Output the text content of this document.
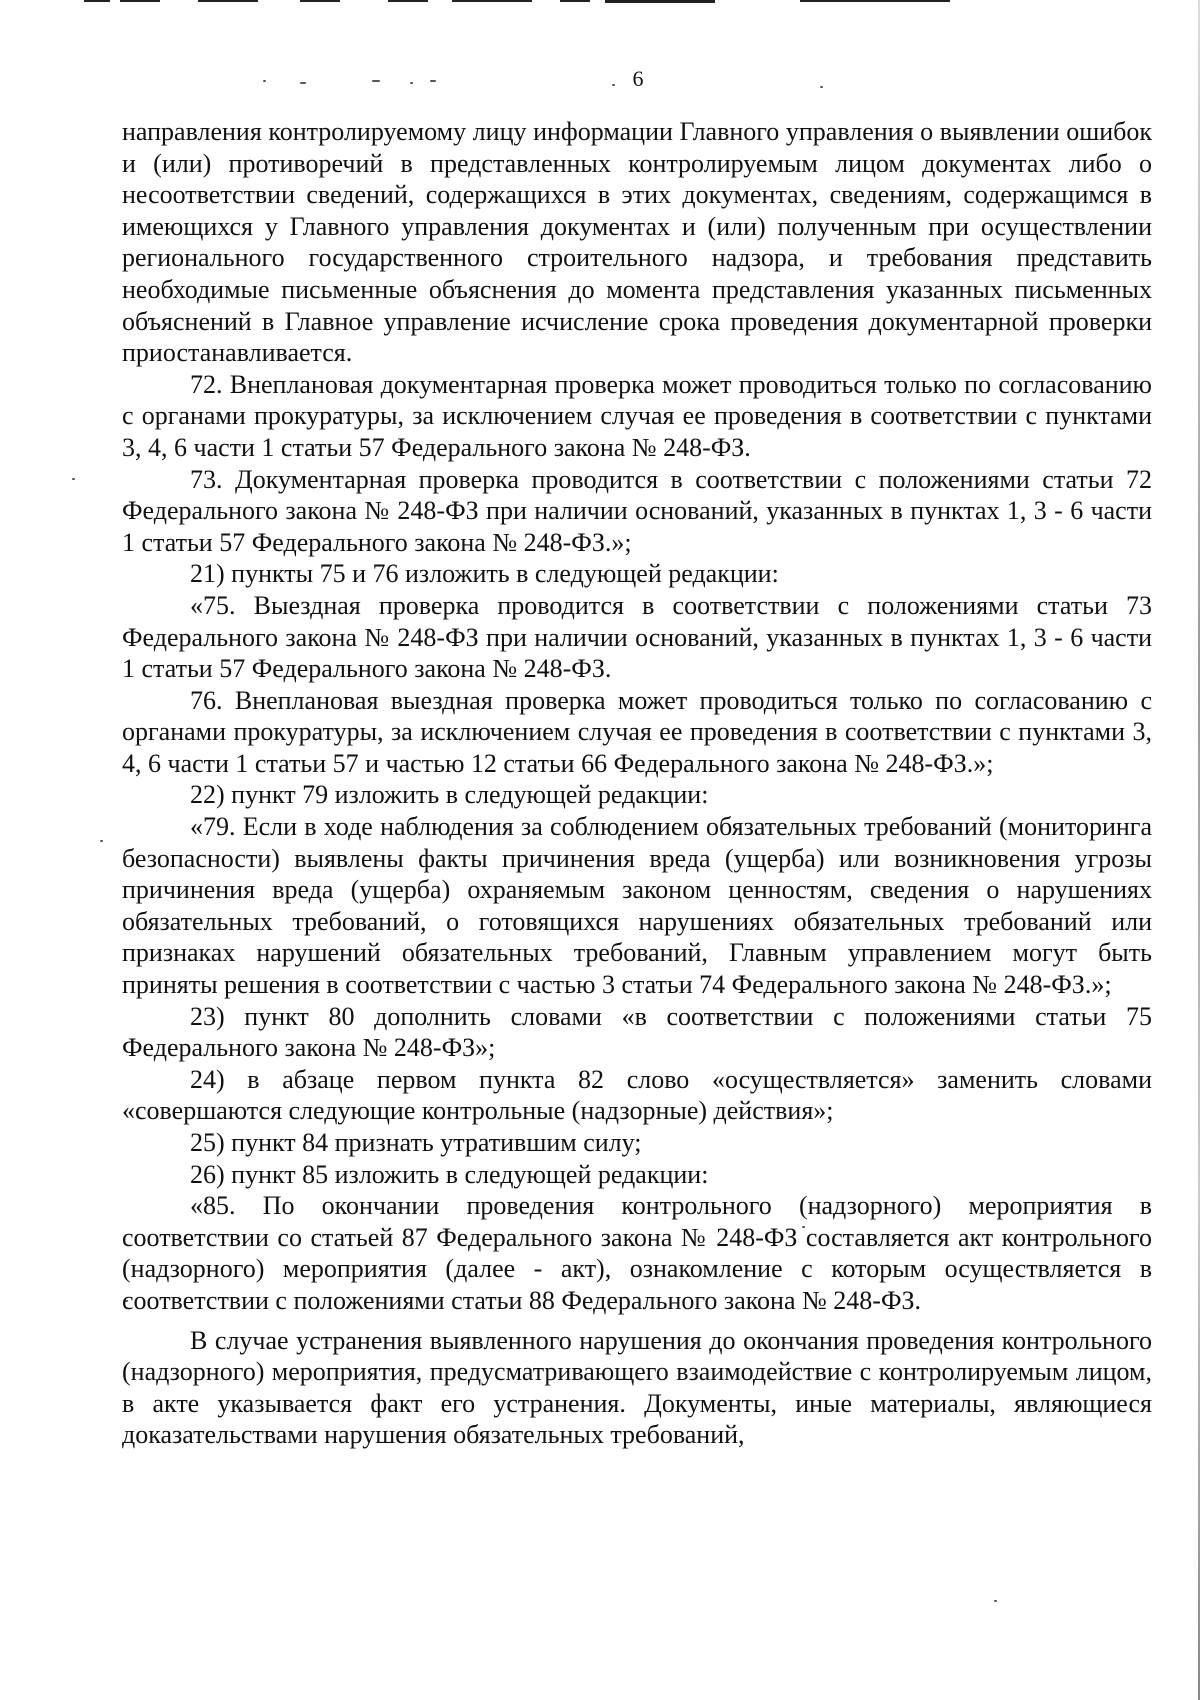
6

направления контролируемому лицу информации Главного управления о выявлении ошибок и (или) противоречий в представленных контролируемым лицом документах либо о несоответствии сведений, содержащихся в этих документах, сведениям, содержащимся в имеющихся у Главного управления документах и (или) полученным при осуществлении регионального государственного строительного надзора, и требования представить необходимые письменные объяснения до момента представления указанных письменных объяснений в Главное управление исчисление срока проведения документарной проверки приостанавливается.

72. Внеплановая документарная проверка может проводиться только по согласованию с органами прокуратуры, за исключением случая ее проведения в соответствии с пунктами 3, 4, 6 части 1 статьи 57 Федерального закона № 248-ФЗ.

73. Документарная проверка проводится в соответствии с положениями статьи 72 Федерального закона № 248-ФЗ при наличии оснований, указанных в пунктах 1, 3 - 6 части 1 статьи 57 Федерального закона № 248-ФЗ.»;

21) пункты 75 и 76 изложить в следующей редакции:

«75. Выездная проверка проводится в соответствии с положениями статьи 73 Федерального закона № 248-ФЗ при наличии оснований, указанных в пунктах 1, 3 - 6 части 1 статьи 57 Федерального закона № 248-ФЗ.

76. Внеплановая выездная проверка может проводиться только по согласованию с органами прокуратуры, за исключением случая ее проведения в соответствии с пунктами 3, 4, 6 части 1 статьи 57 и частью 12 статьи 66 Федерального закона № 248-ФЗ.»;

22) пункт 79 изложить в следующей редакции:

«79. Если в ходе наблюдения за соблюдением обязательных требований (мониторинга безопасности) выявлены факты причинения вреда (ущерба) или возникновения угрозы причинения вреда (ущерба) охраняемым законом ценностям, сведения о нарушениях обязательных требований, о готовящихся нарушениях обязательных требований или признаках нарушений обязательных требований, Главным управлением могут быть приняты решения в соответствии с частью 3 статьи 74 Федерального закона № 248-ФЗ.»;

23) пункт 80 дополнить словами «в соответствии с положениями статьи 75 Федерального закона № 248-ФЗ»;

24) в абзаце первом пункта 82 слово «осуществляется» заменить словами «совершаются следующие контрольные (надзорные) действия»;

25) пункт 84 признать утратившим силу;

26) пункт 85 изложить в следующей редакции:

«85. По окончании проведения контрольного (надзорного) мероприятия в соответствии со статьей 87 Федерального закона № 248-ФЗ составляется акт контрольного (надзорного) мероприятия (далее - акт), ознакомление с которым осуществляется в соответствии с положениями статьи 88 Федерального закона № 248-ФЗ.

В случае устранения выявленного нарушения до окончания проведения контрольного (надзорного) мероприятия, предусматривающего взаимодействие с контролируемым лицом, в акте указывается факт его устранения. Документы, иные материалы, являющиеся доказательствами нарушения обязательных требований,
